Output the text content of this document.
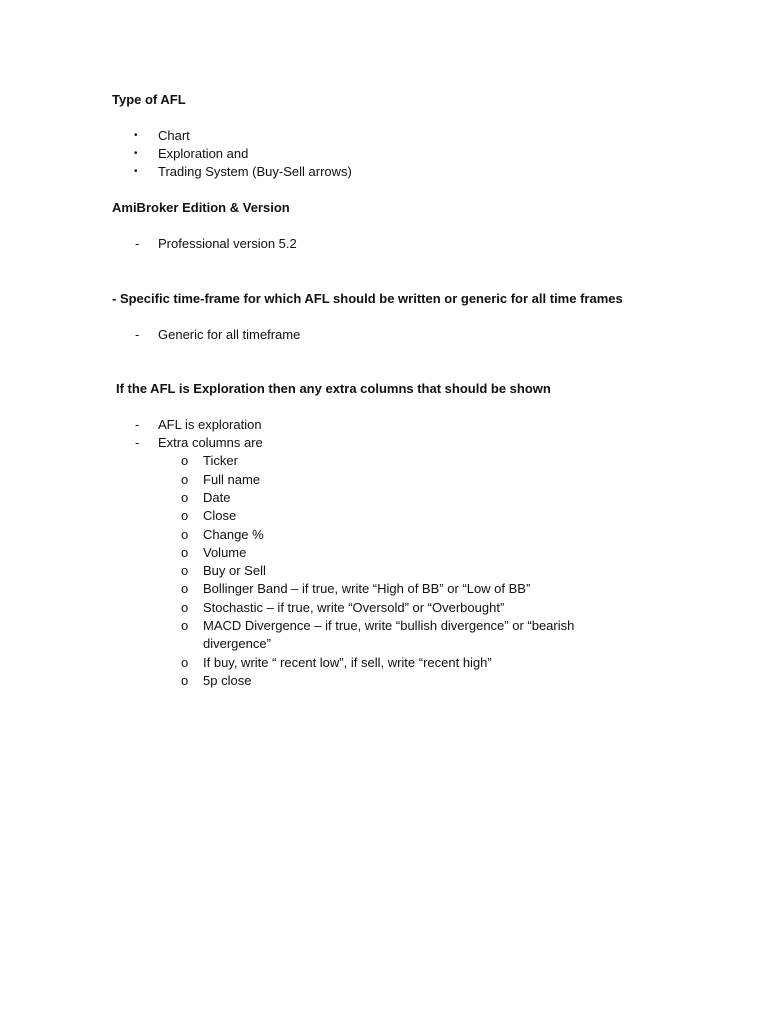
Type of AFL
• Chart
• Exploration and
• Trading System (Buy-Sell arrows)
AmiBroker Edition & Version
- Professional version 5.2
- Specific time-frame for which AFL should be written or generic for all time frames
- Generic for all timeframe
If the AFL is Exploration then any extra columns that should be shown
- AFL is exploration
- Extra columns are
o Ticker
o Full name
o Date
o Close
o Change %
o Volume
o Buy or Sell
o Bollinger Band – if true, write “High of BB” or “Low of BB”
o Stochastic – if true, write “Oversold” or “Overbought”
o MACD Divergence – if true, write “bullish divergence” or “bearish divergence”
o If buy, write “ recent low”, if sell, write “recent high”
o 5p close
